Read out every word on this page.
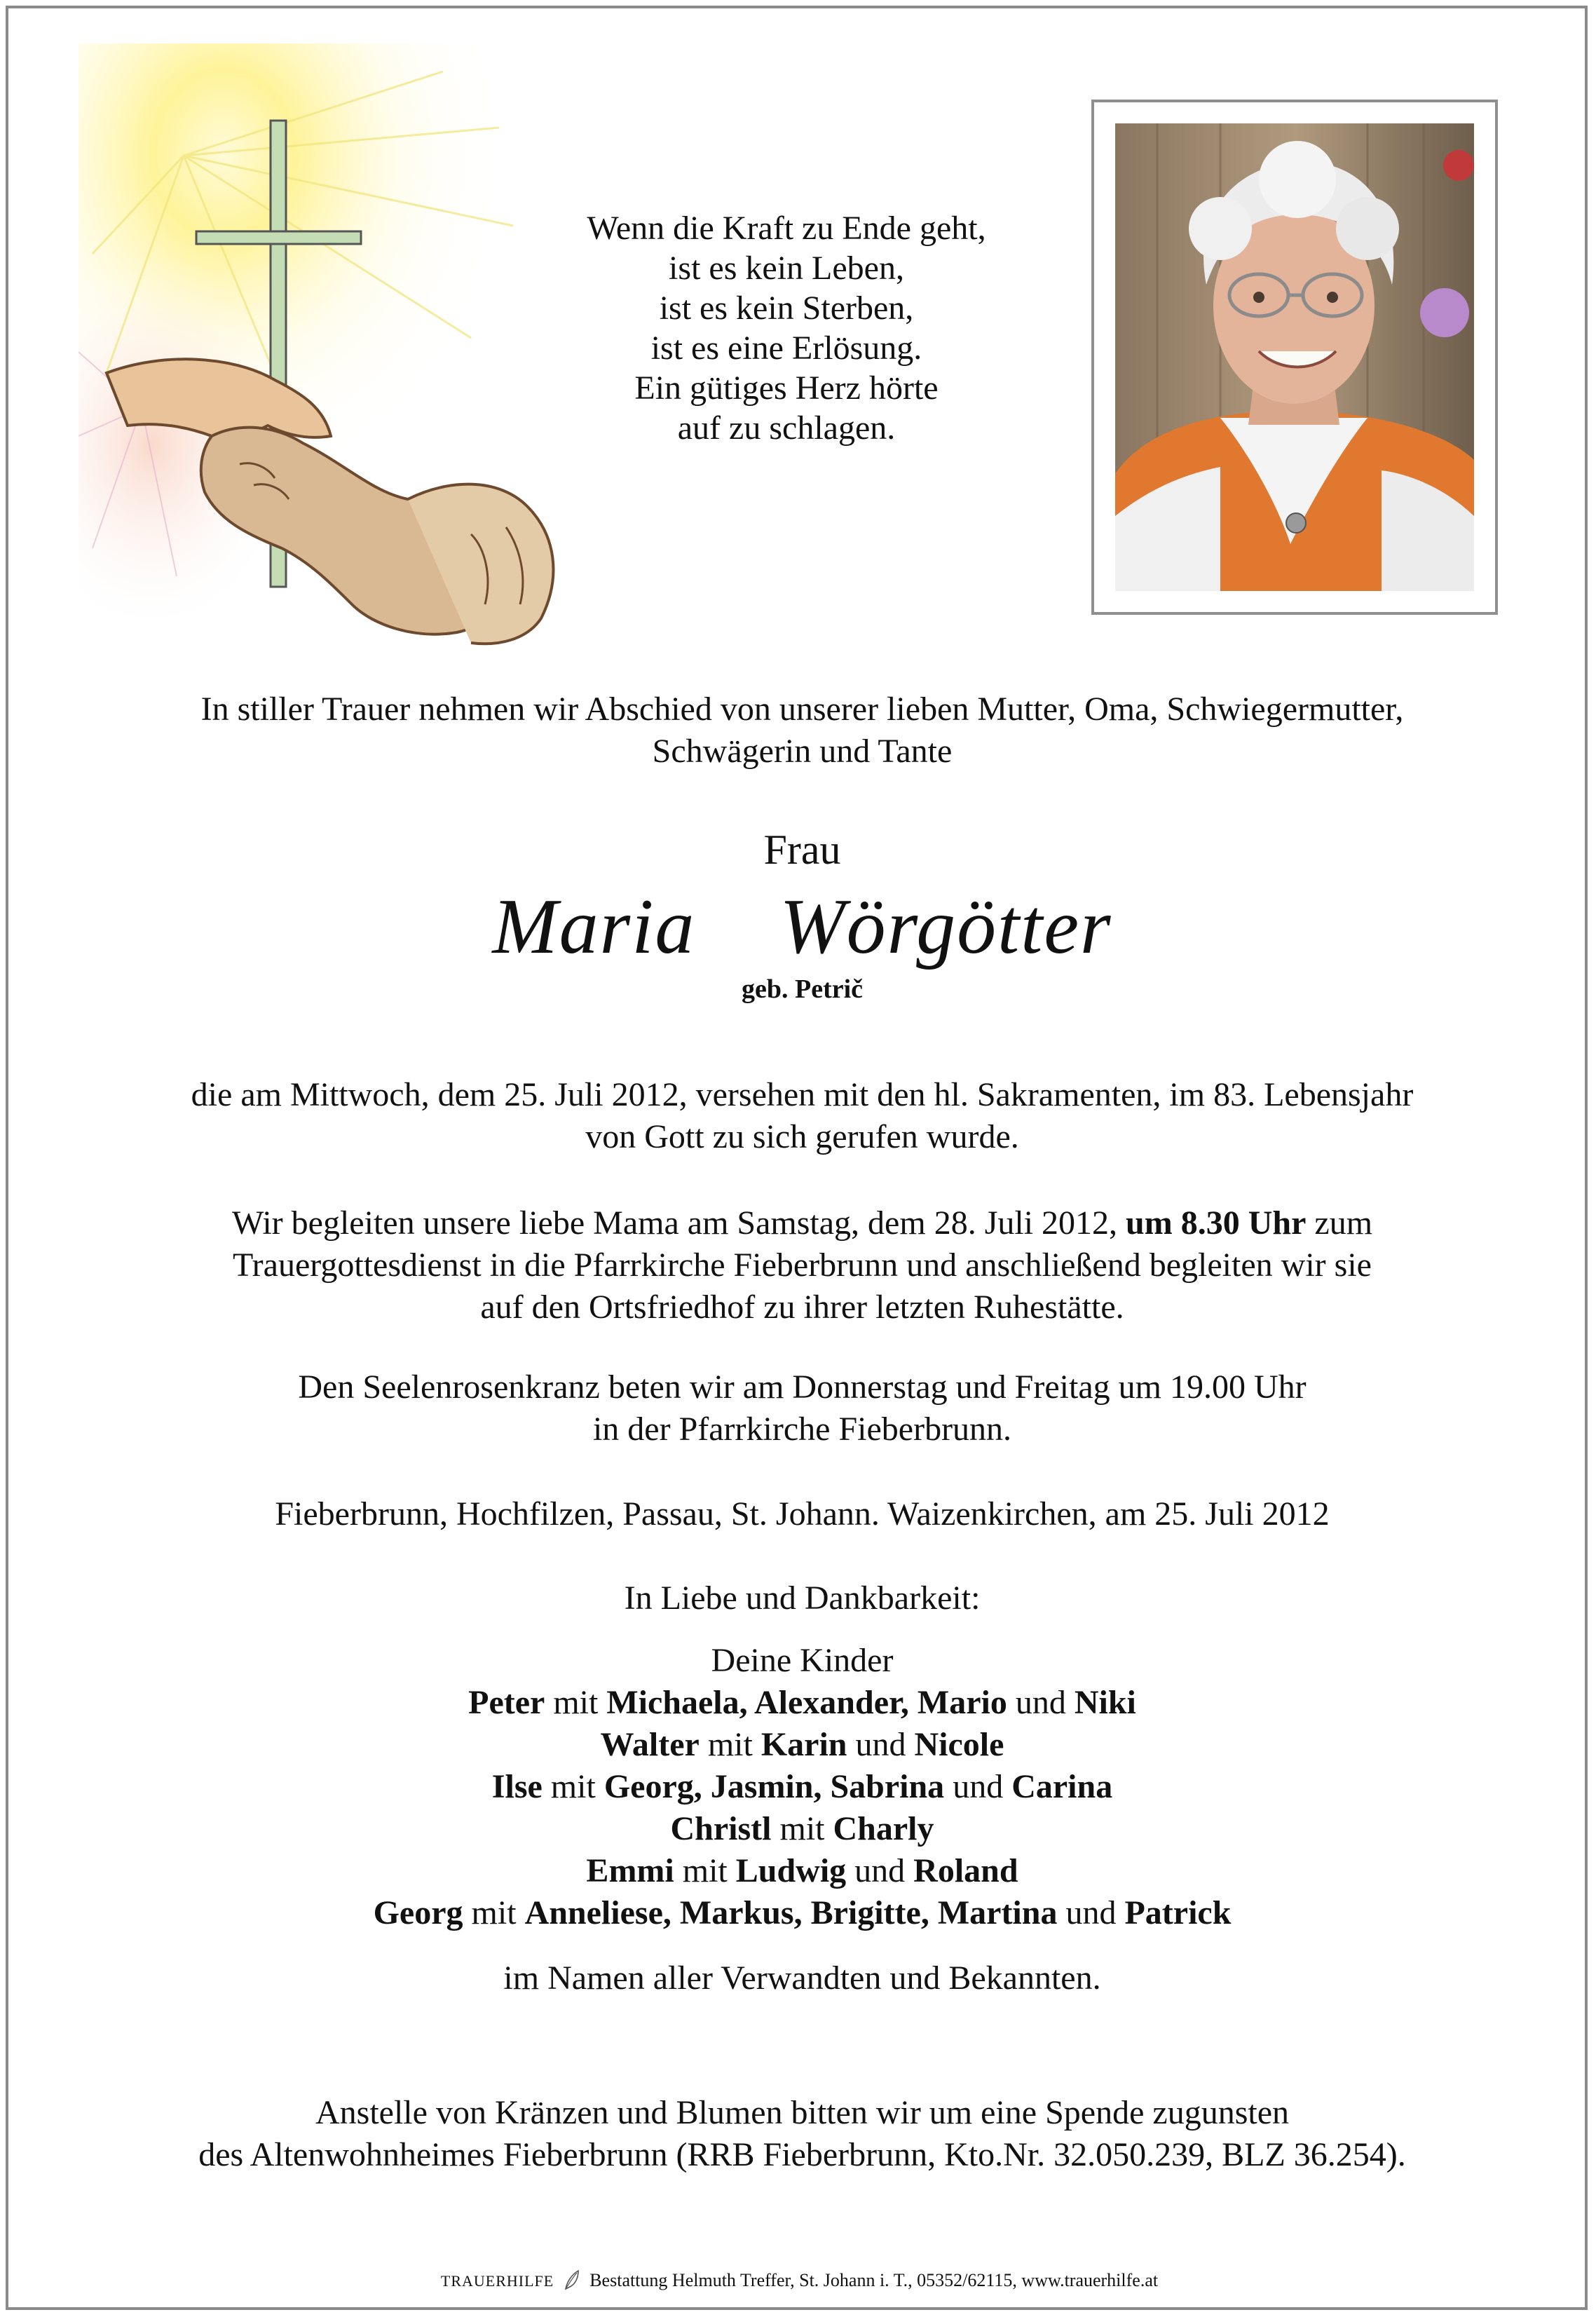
Wenn die Kraft zu Ende geht,
ist es kein Leben,
ist es kein Sterben,
ist es eine Erlösung.
Ein gütiges Herz hörte
auf zu schlagen.
In stiller Trauer nehmen wir Abschied von unserer lieben Mutter, Oma, Schwiegermutter,
Schwägerin und Tante
Frau
Maria  Wörgötter
geb. Petrič
die am Mittwoch, dem 25. Juli 2012, versehen mit den hl. Sakramenten, im 83. Lebensjahr
von Gott zu sich gerufen wurde.
Wir begleiten unsere liebe Mama am Samstag, dem 28. Juli 2012, um 8.30 Uhr zum
Trauergottesdienst in die Pfarrkirche Fieberbrunn und anschließend begleiten wir sie
auf den Ortsfriedhof zu ihrer letzten Ruhestätte.
Den Seelenrosenkranz beten wir am Donnerstag und Freitag um 19.00 Uhr
in der Pfarrkirche Fieberbrunn.
Fieberbrunn, Hochfilzen, Passau, St. Johann. Waizenkirchen, am 25. Juli 2012
In Liebe und Dankbarkeit:
Deine Kinder
Peter mit Michaela, Alexander, Mario und Niki
Walter mit Karin und Nicole
Ilse mit Georg, Jasmin, Sabrina und Carina
Christl mit Charly
Emmi mit Ludwig und Roland
Georg mit Anneliese, Markus, Brigitte, Martina und Patrick
im Namen aller Verwandten und Bekannten.
Anstelle von Kränzen und Blumen bitten wir um eine Spende zugunsten
des Altenwohnheimes Fieberbrunn (RRB Fieberbrunn, Kto.Nr. 32.050.239, BLZ 36.254).
TRAUERHILFE Bestattung Helmuth Treffer, St. Johann i. T., 05352/62115, www.trauerhilfe.at
